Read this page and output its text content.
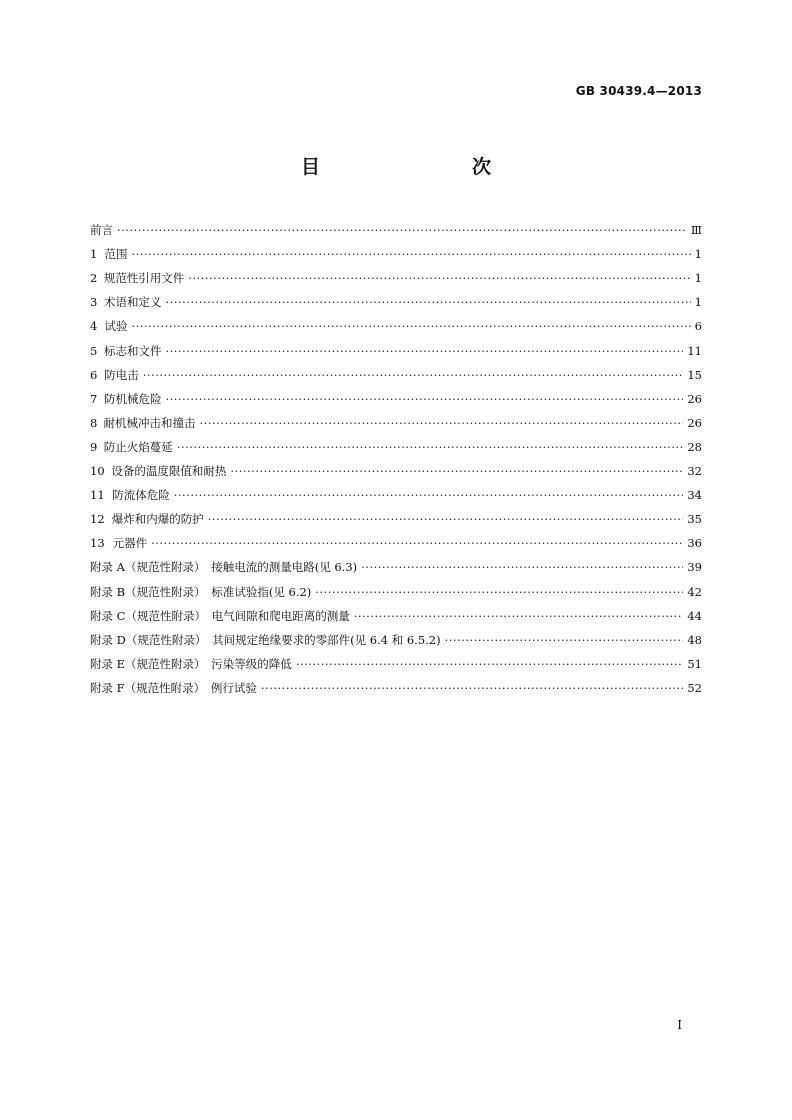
GB 30439.4—2013
目　　次
前言 ·····	Ⅲ
1 范围 ·····	1
2 规范性引用文件 ·····	1
3 术语和定义 ·····	1
4 试验 ·····	6
5 标志和文件 ·····	11
6 防电击 ·····	15
7 防机械危险 ·····	26
8 耐机械冲击和撞击 ·····	26
9 防止火焰蔓延 ·····	28
10 设备的温度限值和耐热 ·····	32
11 防流体危险 ·····	34
12 爆炸和内爆的防护 ·····	35
13 元器件 ·····	36
附录 A（规范性附录）　接触电流的测量电路(见 6.3) ·····	39
附录 B（规范性附录）　标准试验指(见 6.2) ·····	42
附录 C（规范性附录）　电气间隙和爬电距离的测量 ·····	44
附录 D（规范性附录）　其间规定绝缘要求的零部件(见 6.4 和 6.5.2) ·····	48
附录 E（规范性附录）　污染等级的降低 ·····	51
附录 F（规范性附录）　例行试验 ·····	52
I
